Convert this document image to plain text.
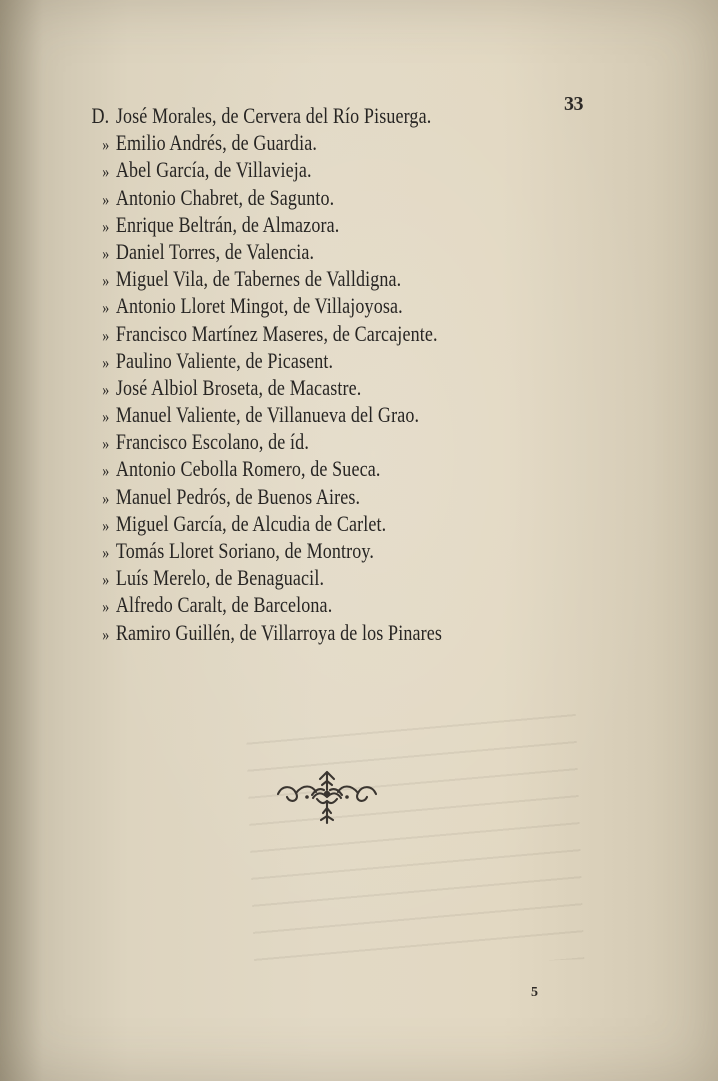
33
D. José Morales, de Cervera del Río Pisuerga.
» Emilio Andrés, de Guardia.
» Abel García, de Villavieja.
» Antonio Chabret, de Sagunto.
» Enrique Beltrán, de Almazora.
» Daniel Torres, de Valencia.
» Miguel Vila, de Tabernes de Valldigna.
» Antonio Lloret Mingot, de Villajoyosa.
» Francisco Martínez Maseres, de Carcajente.
» Paulino Valiente, de Picasent.
» José Albiol Broseta, de Macastre.
» Manuel Valiente, de Villanueva del Grao.
» Francisco Escolano, de íd.
» Antonio Cebolla Romero, de Sueca.
» Manuel Pedrós, de Buenos Aires.
» Miguel García, de Alcudia de Carlet.
» Tomás Lloret Soriano, de Montroy.
» Luís Merelo, de Benaguacil.
» Alfredo Caralt, de Barcelona.
» Ramiro Guillén, de Villarroya de los Pinares
5
